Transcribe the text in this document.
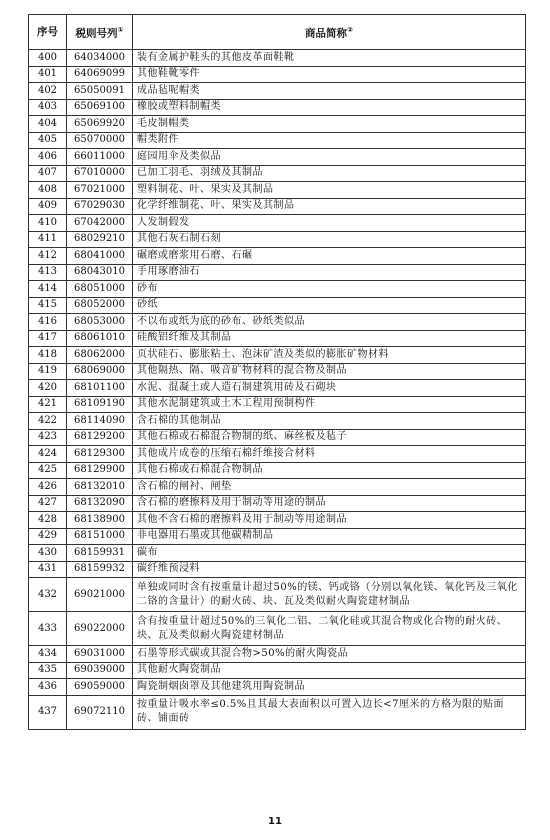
序号	税则号列①	商品简称②
400	64034000	装有金属护鞋头的其他皮革面鞋靴
401	64069099	其他鞋靴零件
402	65050091	成品毡呢帽类
403	65069100	橡胶或塑料制帽类
404	65069920	毛皮制帽类
405	65070000	帽类附件
406	66011000	庭园用伞及类似品
407	67010000	已加工羽毛、羽绒及其制品
408	67021000	塑料制花、叶、果实及其制品
409	67029030	化学纤维制花、叶、果实及其制品
410	67042000	人发制假发
411	68029210	其他石灰石制石刻
412	68041000	碾磨或磨浆用石磨、石碾
413	68043010	手用琢磨油石
414	68051000	砂布
415	68052000	砂纸
416	68053000	不以布或纸为底的砂布、砂纸类似品
417	68061010	硅酸铝纤维及其制品
418	68062000	页状硅石、膨胀粘土、泡沫矿渣及类似的膨胀矿物材料
419	68069000	其他隔热、隔、吸音矿物材料的混合物及制品
420	68101100	水泥、混凝土或人造石制建筑用砖及石砌块
421	68109190	其他水泥制建筑或土木工程用预制构件
422	68114090	含石棉的其他制品
423	68129200	其他石棉或石棉混合物制的纸、麻丝板及毡子
424	68129300	其他成片成卷的压缩石棉纤维接合材料
425	68129900	其他石棉或石棉混合物制品
426	68132010	含石棉的闸衬、闸垫
427	68132090	含石棉的磨擦料及用于制动等用途的制品
428	68138900	其他不含石棉的磨擦料及用于制动等用途制品
429	68151000	非电器用石墨或其他碳精制品
430	68159931	碳布
431	68159932	碳纤维预浸料
432	69021000	单独或同时含有按重量计超过50%的镁、钙或铬（分别以氧化镁、氧化钙及三氧化二铬的含量计）的耐火砖、块、瓦及类似耐火陶瓷建材制品
433	69022000	含有按重量计超过50%的三氧化二铝、二氧化硅或其混合物或化合物的耐火砖、块、瓦及类似耐火陶瓷建材制品
434	69031000	石墨等形式碳或其混合物>50%的耐火陶瓷品
435	69039000	其他耐火陶瓷制品
436	69059000	陶瓷制烟囱罩及其他建筑用陶瓷制品
437	69072110	按重量计吸水率≤0.5%且其最大表面积以可置入边长<7厘米的方格为限的贴面砖、铺面砖
11
